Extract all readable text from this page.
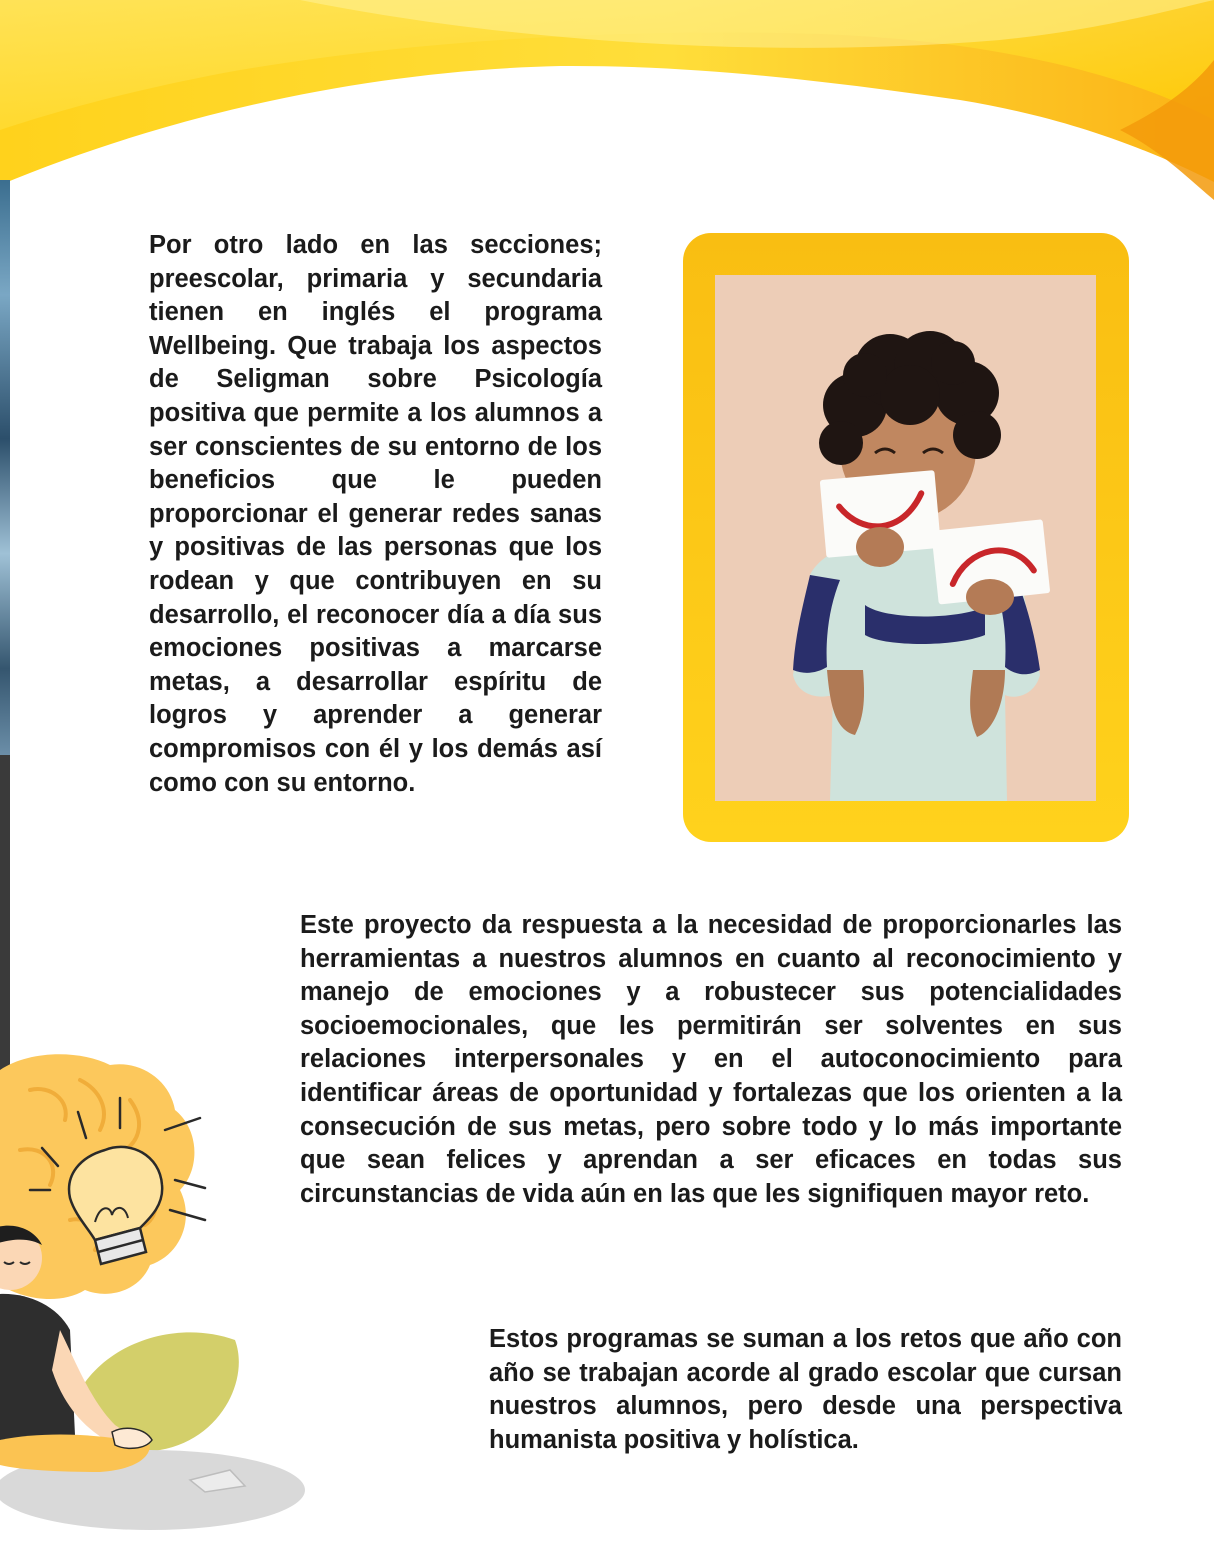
Por otro lado en las secciones; preescolar, primaria y secundaria tienen en inglés el programa Wellbeing. Que trabaja los aspectos de Seligman sobre Psicología positiva que permite a los alumnos a ser conscientes de su entorno de los beneficios que le pueden proporcionar el generar redes sanas y positivas de las personas que los rodean y que contribuyen en su desarrollo, el reconocer día a día sus emociones positivas a marcarse metas, a desarrollar espíritu de logros y aprender a generar compromisos con él y los demás así como con su entorno.

Este proyecto da respuesta a la necesidad de proporcionarles las herramientas a nuestros alumnos en cuanto al reconocimiento y manejo de emociones y a robustecer sus potencialidades socioemocionales, que les permitirán ser solventes en sus relaciones interpersonales y en el autoconocimiento para identificar áreas de oportunidad y fortalezas que los orienten a la consecución de sus metas, pero sobre todo y lo más importante que sean felices y aprendan a ser eficaces en todas sus circunstancias de vida aún en las que les signifiquen mayor reto.

Estos programas se suman a los retos que año con año se trabajan acorde al grado escolar que cursan nuestros alumnos, pero desde una perspectiva humanista positiva y holística.
